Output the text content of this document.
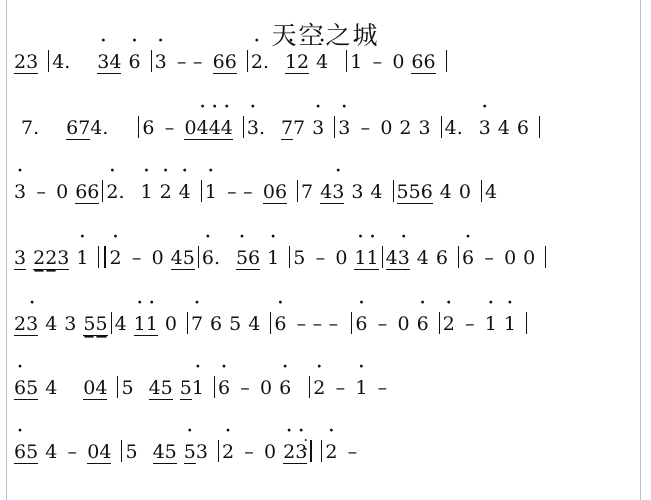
天空之城
23 4. · 34 · 6 · 3 – – 66 · 2. · 1· 2 · 4 · 1 – 0 66
7. 674. 6 – 0· 4· 4· 4 · 3. 77 · 3 · 3 – 0 2 3 4. · 3 4 6
· 3 – 0 66 · 2. · 1 · 2 · 4 · 1 – – 06 7 4· 3 3 4 556 4 0 4
3 223 · 1 · 2 – 0 45 · 6. · 56 · 1 5 – 0 · 1· 1 4· 3 4 6 · 6 – 0 0
2· 3 4 3 55 4 · 1· 1 0 · 7 6 5 4 · 6 – – – · 6 – 0 · 6 · 2 – · 1 · 1
· 65 4 04 5 45 5· 1 · 6 – 0 · 6 · 2 – · 1 –
· 65 4 – 04 5 45 · 53 · 2 – 0 · 2· 3 · · · 2 –
